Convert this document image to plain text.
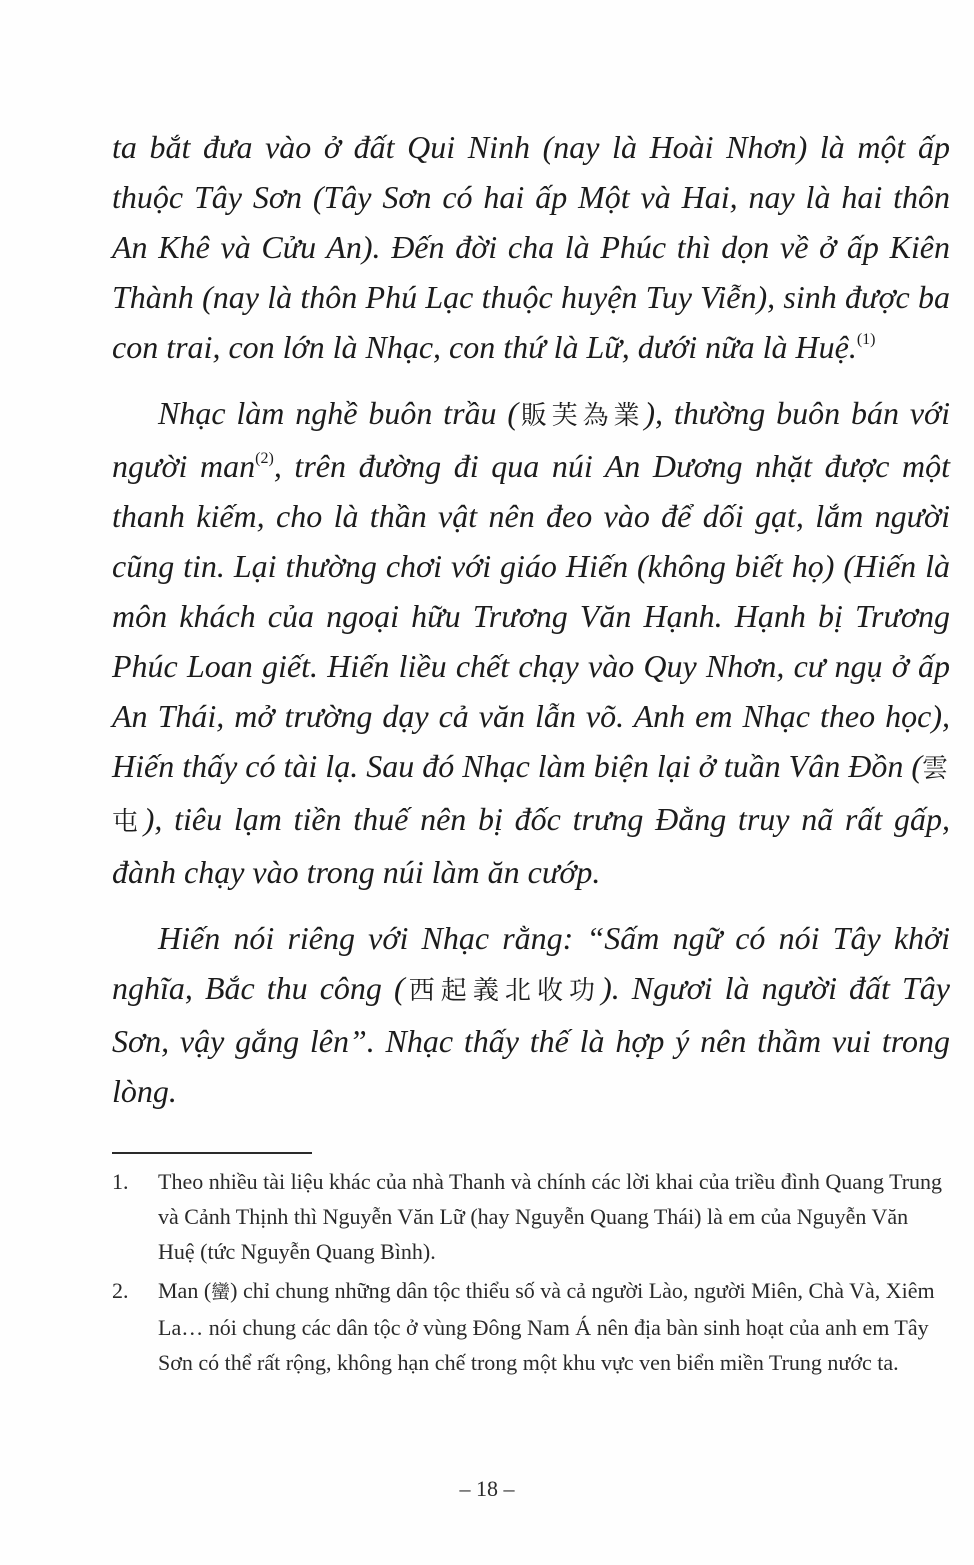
ta bắt đưa vào ở đất Qui Ninh (nay là Hoài Nhơn) là một ấp thuộc Tây Sơn (Tây Sơn có hai ấp Một và Hai, nay là hai thôn An Khê và Cửu An). Đến đời cha là Phúc thì dọn về ở ấp Kiên Thành (nay là thôn Phú Lạc thuộc huyện Tuy Viễn), sinh được ba con trai, con lớn là Nhạc, con thứ là Lữ, dưới nữa là Huệ.$^{(1)}$

Nhạc làm nghề buôn trầu (販芙為業), thường buôn bán với người man$^{(2)}$, trên đường đi qua núi An Dương nhặt được một thanh kiếm, cho là thần vật nên đeo vào để dối gạt, lắm người cũng tin. Lại thường chơi với giáo Hiến (không biết họ) (Hiến là môn khách của ngoại hữu Trương Văn Hạnh. Hạnh bị Trương Phúc Loan giết. Hiến liều chết chạy vào Quy Nhơn, cư ngụ ở ấp An Thái, mở trường dạy cả văn lẫn võ. Anh em Nhạc theo học), Hiến thấy có tài lạ. Sau đó Nhạc làm biện lại ở tuần Vân Đồn (雲屯), tiêu lạm tiền thuế nên bị đốc trưng Đằng truy nã rất gấp, đành chạy vào trong núi làm ăn cướp.

Hiến nói riêng với Nhạc rằng: “Sấm ngữ có nói Tây khởi nghĩa, Bắc thu công (西起義北收功). Ngươi là người đất Tây Sơn, vậy gắng lên”. Nhạc thấy thế là hợp ý nên thầm vui trong lòng.

1.	Theo nhiều tài liệu khác của nhà Thanh và chính các lời khai của triều đình Quang Trung và Cảnh Thịnh thì Nguyễn Văn Lữ (hay Nguyễn Quang Thái) là em của Nguyễn Văn Huệ (tức Nguyễn Quang Bình).
2.	Man (蠻) chỉ chung những dân tộc thiểu số và cả người Lào, người Miên, Chà Và, Xiêm La… nói chung các dân tộc ở vùng Đông Nam Á nên địa bàn sinh hoạt của anh em Tây Sơn có thể rất rộng, không hạn chế trong một khu vực ven biển miền Trung nước ta.
– 18 –
